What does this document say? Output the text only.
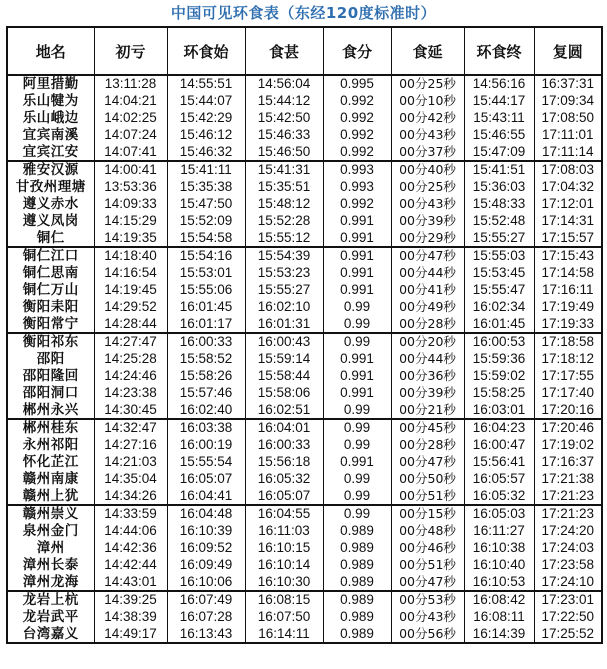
中国可见环食表（东经120度标准时）
地名	初亏	环食始	食甚	食分	食延	环食终	复圆
阿里措勤	13:11:28	14:55:51	14:56:04	0.995	00分25秒	14:56:16	16:37:31
乐山犍为	14:04:21	15:44:07	15:44:12	0.992	00分10秒	15:44:17	17:09:34
乐山峨边	14:02:25	15:42:29	15:42:50	0.992	00分42秒	15:43:11	17:08:50
宜宾南溪	14:07:24	15:46:12	15:46:33	0.992	00分43秒	15:46:55	17:11:01
宜宾江安	14:07:41	15:46:32	15:46:50	0.992	00分37秒	15:47:09	17:11:14
雅安汉源	14:00:41	15:41:11	15:41:31	0.993	00分40秒	15:41:51	17:08:03
甘孜州理塘	13:53:36	15:35:38	15:35:51	0.993	00分25秒	15:36:03	17:04:32
遵义赤水	14:09:33	15:47:50	15:48:12	0.992	00分43秒	15:48:33	17:12:01
遵义凤岗	14:15:29	15:52:09	15:52:28	0.991	00分39秒	15:52:48	17:14:31
铜仁	14:19:35	15:54:58	15:55:12	0.991	00分29秒	15:55:27	17:15:57
铜仁江口	14:18:40	15:54:16	15:54:39	0.991	00分47秒	15:55:03	17:15:43
铜仁思南	14:16:54	15:53:01	15:53:23	0.991	00分44秒	15:53:45	17:14:58
铜仁万山	14:19:45	15:55:06	15:55:27	0.991	00分41秒	15:55:47	17:16:11
衡阳耒阳	14:29:52	16:01:45	16:02:10	0.99	00分49秒	16:02:34	17:19:49
衡阳常宁	14:28:44	16:01:17	16:01:31	0.99	00分28秒	16:01:45	17:19:33
衡阳祁东	14:27:47	16:00:33	16:00:43	0.99	00分20秒	16:00:53	17:18:58
邵阳	14:25:28	15:58:52	15:59:14	0.991	00分44秒	15:59:36	17:18:12
邵阳隆回	14:24:46	15:58:26	15:58:44	0.991	00分36秒	15:59:02	17:17:55
邵阳洞口	14:23:38	15:57:46	15:58:06	0.991	00分39秒	15:58:25	17:17:40
郴州永兴	14:30:45	16:02:40	16:02:51	0.99	00分21秒	16:03:01	17:20:16
郴州桂东	14:32:47	16:03:38	16:04:01	0.99	00分45秒	16:04:23	17:20:46
永州祁阳	14:27:16	16:00:19	16:00:33	0.99	00分28秒	16:00:47	17:19:02
怀化芷江	14:21:03	15:55:54	15:56:18	0.991	00分47秒	15:56:41	17:16:37
赣州南康	14:35:04	16:05:07	16:05:32	0.99	00分50秒	16:05:57	17:21:38
赣州上犹	14:34:26	16:04:41	16:05:07	0.99	00分51秒	16:05:32	17:21:23
赣州崇义	14:33:59	16:04:48	16:04:55	0.99	00分15秒	16:05:03	17:21:23
泉州金门	14:44:06	16:10:39	16:11:03	0.989	00分48秒	16:11:27	17:24:20
漳州	14:42:36	16:09:52	16:10:15	0.989	00分46秒	16:10:38	17:24:03
漳州长泰	14:42:44	16:09:49	16:10:14	0.989	00分51秒	16:10:40	17:23:58
漳州龙海	14:43:01	16:10:06	16:10:30	0.989	00分47秒	16:10:53	17:24:10
龙岩上杭	14:39:25	16:07:49	16:08:15	0.989	00分53秒	16:08:42	17:23:01
龙岩武平	14:38:39	16:07:28	16:07:50	0.989	00分43秒	16:08:11	17:22:50
台湾嘉义	14:49:17	16:13:43	16:14:11	0.989	00分56秒	16:14:39	17:25:52
